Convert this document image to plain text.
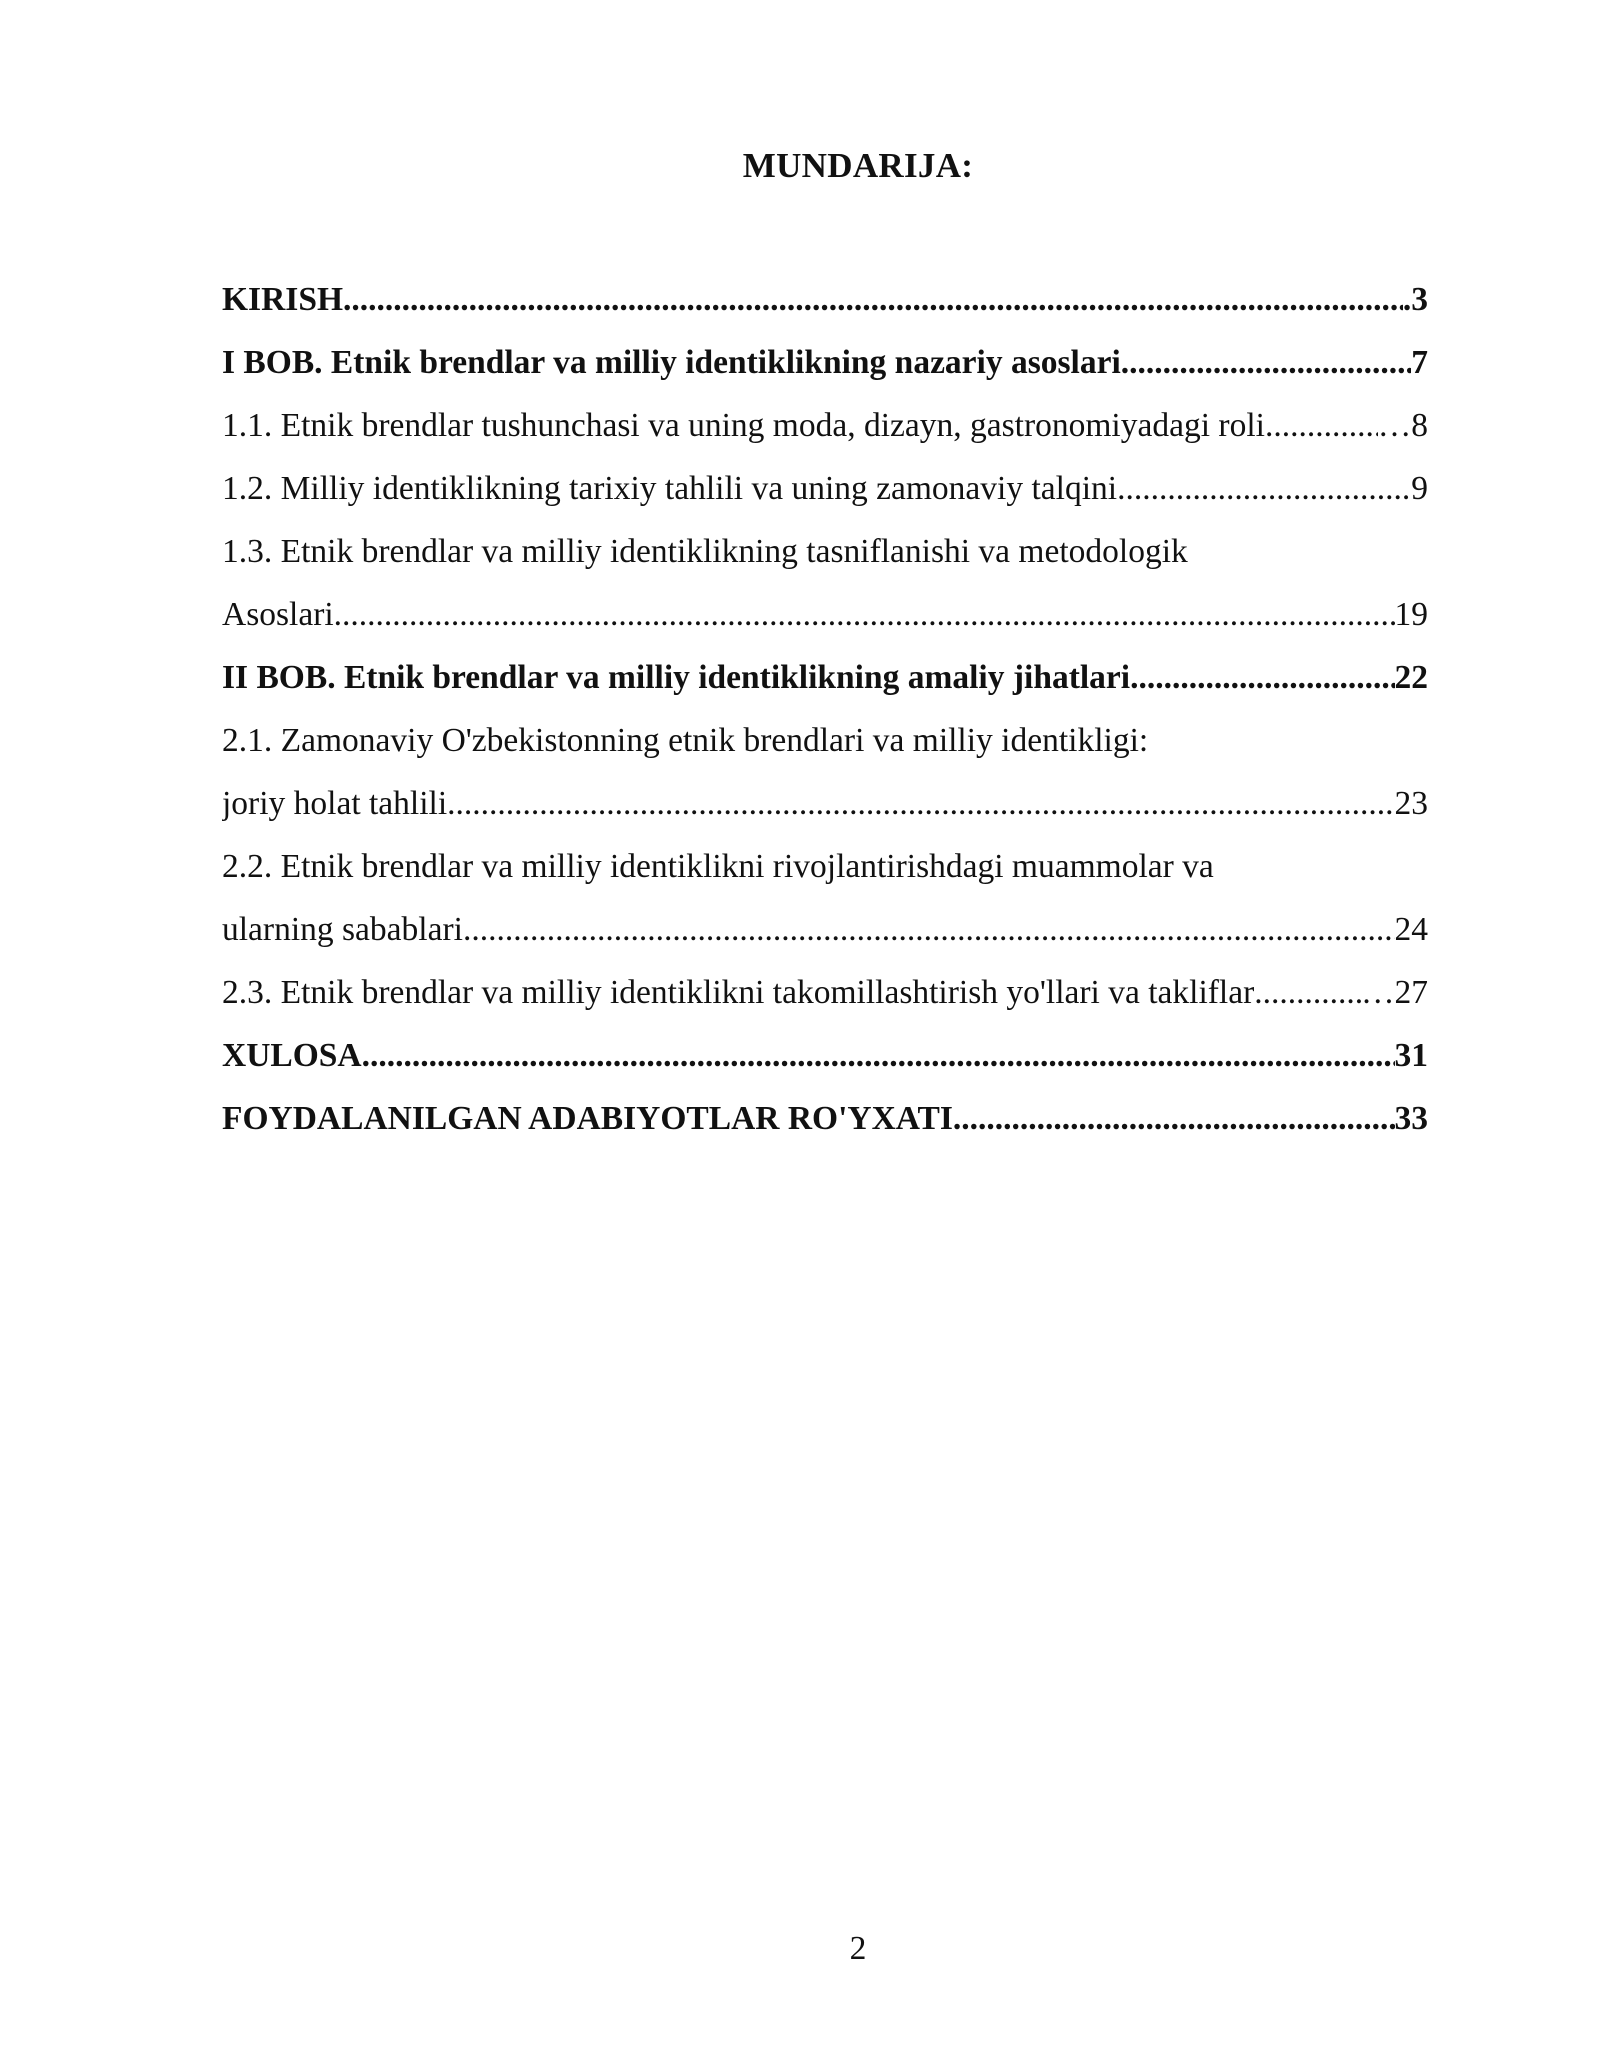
MUNDARIJA:
KIRISH .....	.3
I BOB. Etnik brendlar va milliy identiklikning nazariy asoslari .....	7
1.1. Etnik brendlar tushunchasi va uning moda, dizayn, gastronomiyadagi roli .....	…8
1.2. Milliy identiklikning tarixiy tahlili va uning zamonaviy talqini .....	9
1.3. Etnik brendlar va milliy identiklikning tasniflanishi va metodologik
Asoslari .....	19
II BOB. Etnik brendlar va milliy identiklikning amaliy jihatlari .....	22
2.1. Zamonaviy O'zbekistonning etnik brendlari va milliy identikligi:
joriy holat tahlili .....	23
2.2. Etnik brendlar va milliy identiklikni rivojlantirishdagi muammolar va
ularning sabablari .....	24
2.3. Etnik brendlar va milliy identiklikni takomillashtirish yo'llari va takliflar .....	…27
XULOSA .....	31
FOYDALANILGAN ADABIYOTLAR RO'YXATI .....	33
2
